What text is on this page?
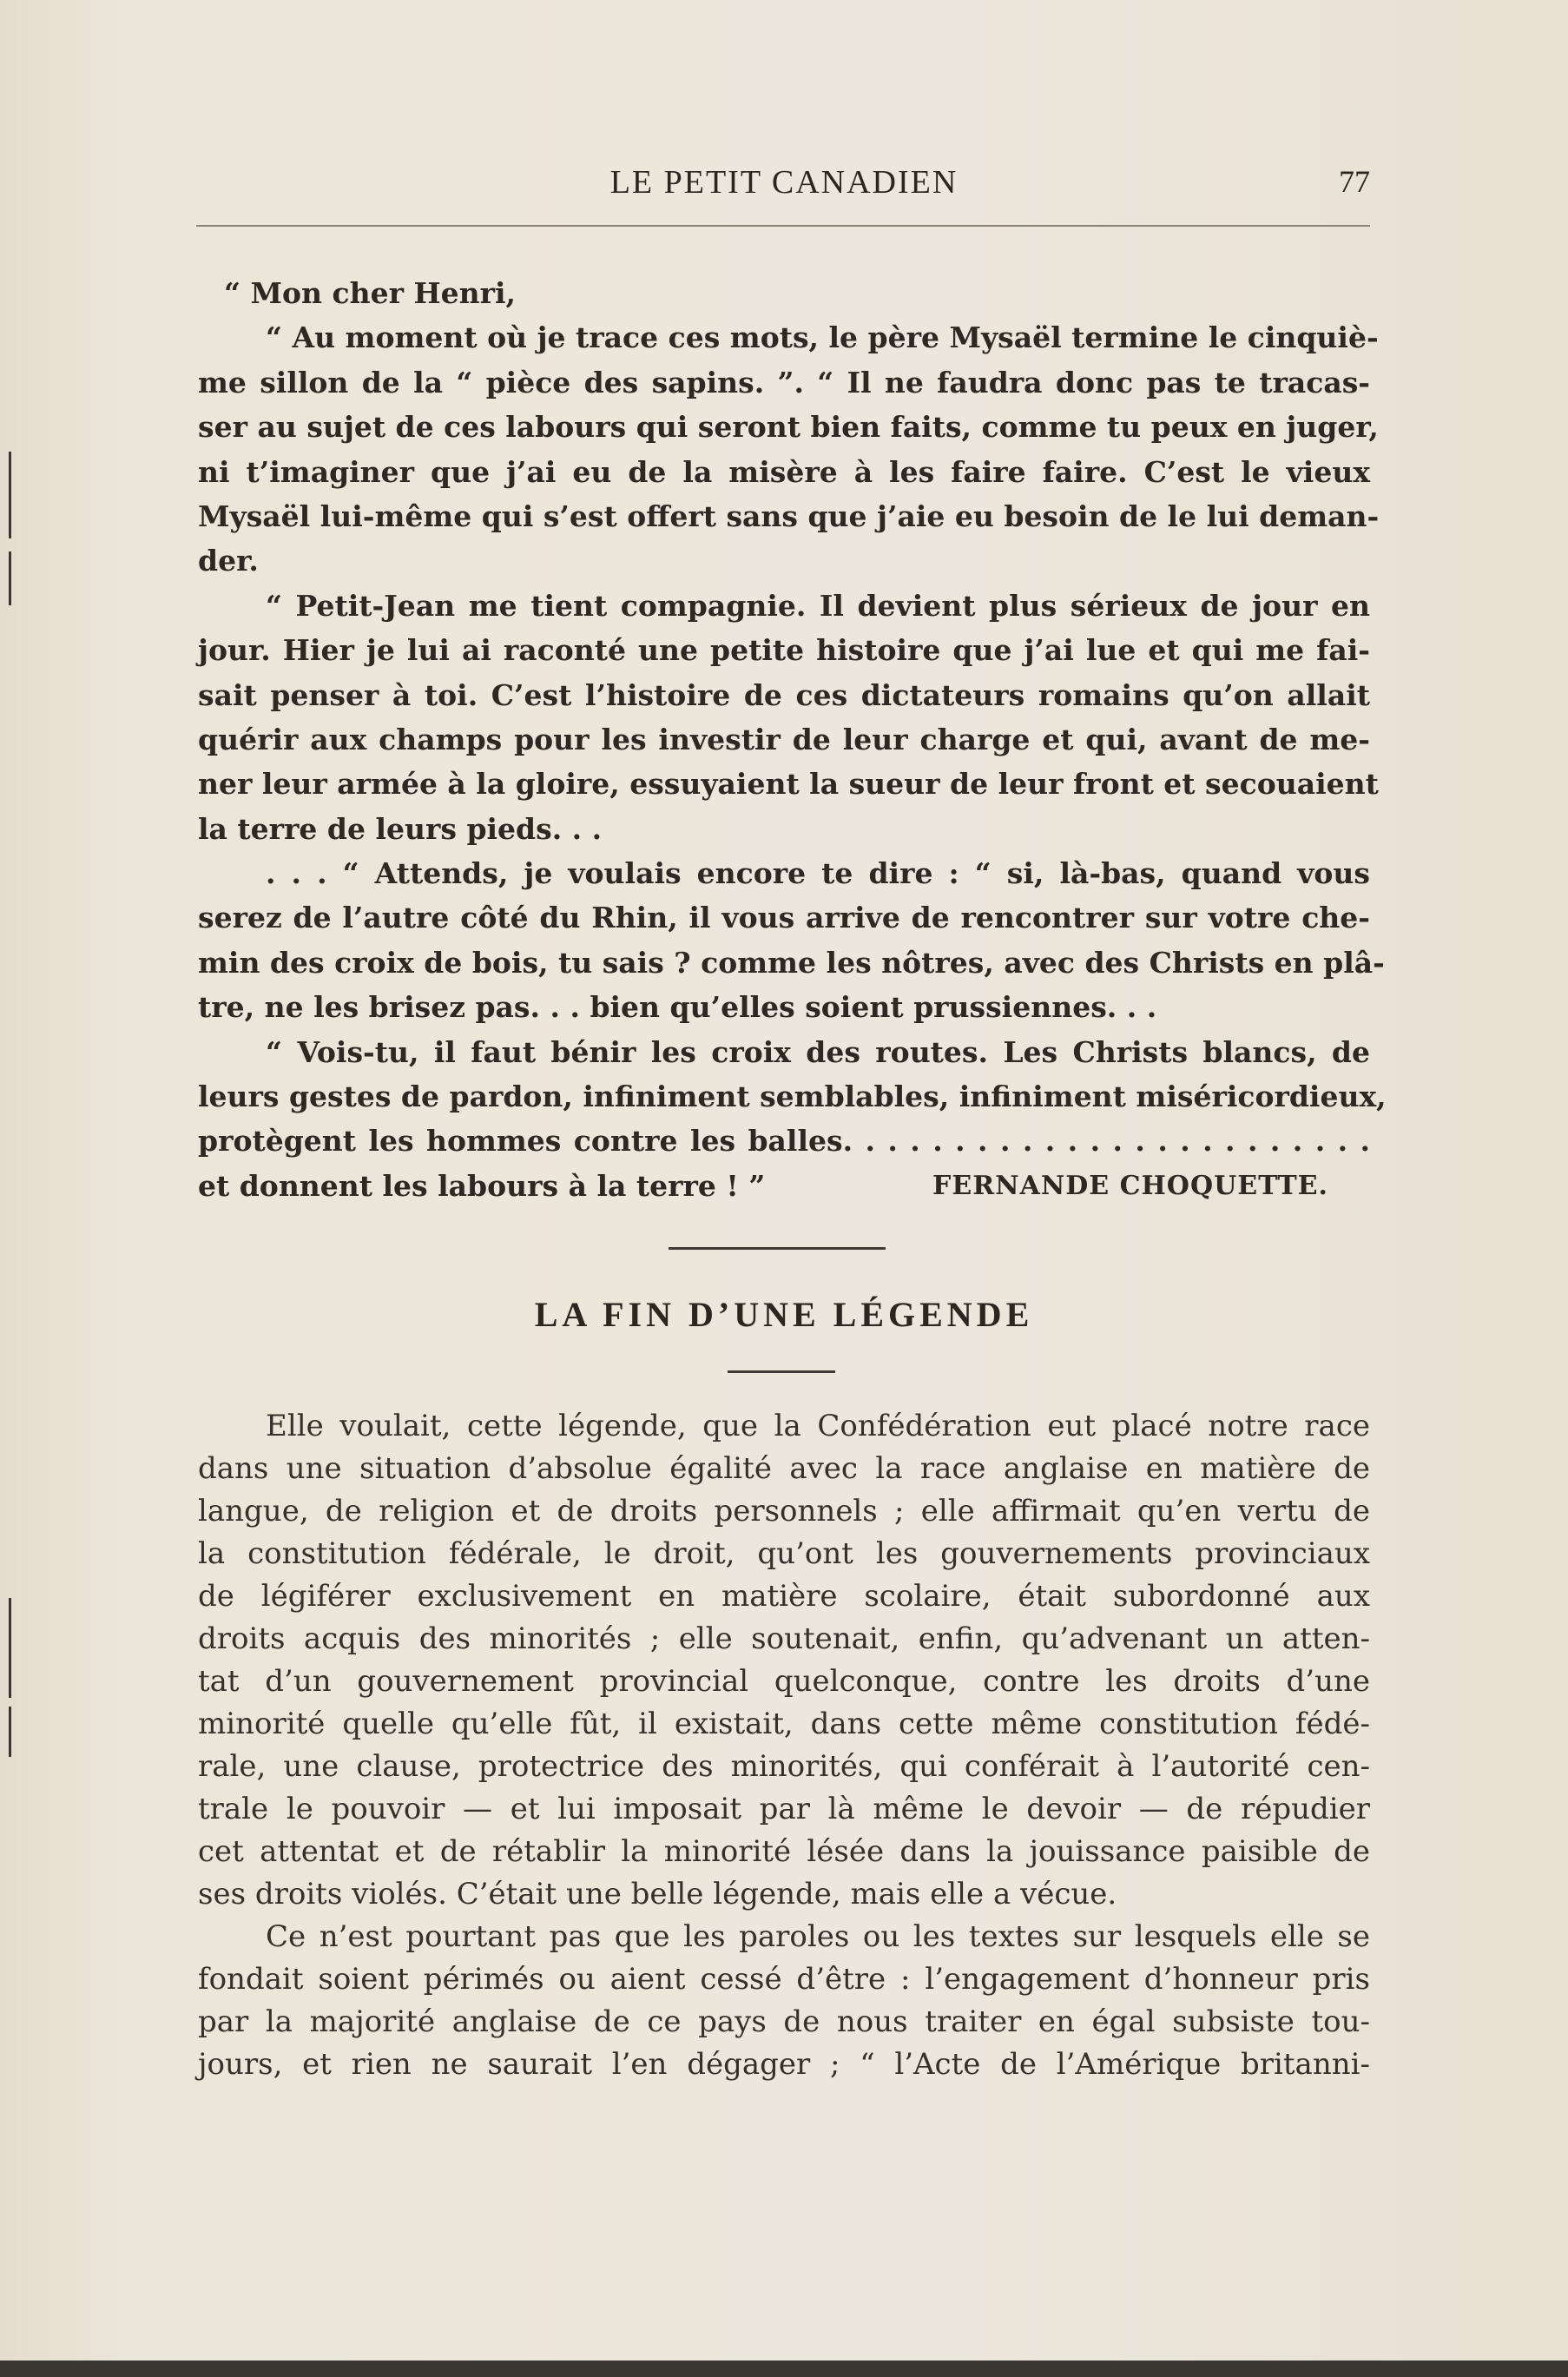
LE PETIT CANADIEN	77
“ Mon cher Henri,
“ Au moment où je trace ces mots, le père Mysaël termine le cinquiè-
me sillon de la “ pièce des sapins. ”. “ Il ne faudra donc pas te tracas-
ser au sujet de ces labours qui seront bien faits, comme tu peux en juger,
ni t’imaginer que j’ai eu de la misère à les faire faire. C’est le vieux
Mysaël lui-même qui s’est offert sans que j’aie eu besoin de le lui deman-
der.
“ Petit-Jean me tient compagnie. Il devient plus sérieux de jour en
jour. Hier je lui ai raconté une petite histoire que j’ai lue et qui me fai-
sait penser à toi. C’est l’histoire de ces dictateurs romains qu’on allait
quérir aux champs pour les investir de leur charge et qui, avant de me-
ner leur armée à la gloire, essuyaient la sueur de leur front et secouaient
la terre de leurs pieds. . .
. . . “ Attends, je voulais encore te dire : “ si, là-bas, quand vous
serez de l’autre côté du Rhin, il vous arrive de rencontrer sur votre che-
min des croix de bois, tu sais ? comme les nôtres, avec des Christs en plâ-
tre, ne les brisez pas. . . bien qu’elles soient prussiennes. . .
“ Vois-tu, il faut bénir les croix des routes. Les Christs blancs, de
leurs gestes de pardon, infiniment semblables, infiniment miséricordieux,
protègent les hommes contre les balles. . . . . . . . . . . . . . . . . . . . . . . .
et donnent les labours à la terre ! ”	FERNANDE CHOQUETTE.
LA FIN D’UNE LÉGENDE
Elle voulait, cette légende, que la Confédération eut placé notre race
dans une situation d’absolue égalité avec la race anglaise en matière de
langue, de religion et de droits personnels ; elle affirmait qu’en vertu de
la constitution fédérale, le droit, qu’ont les gouvernements provinciaux
de légiférer exclusivement en matière scolaire, était subordonné aux
droits acquis des minorités ; elle soutenait, enfin, qu’advenant un atten-
tat d’un gouvernement provincial quelconque, contre les droits d’une
minorité quelle qu’elle fût, il existait, dans cette même constitution fédé-
rale, une clause, protectrice des minorités, qui conférait à l’autorité cen-
trale le pouvoir — et lui imposait par là même le devoir — de répudier
cet attentat et de rétablir la minorité lésée dans la jouissance paisible de
ses droits violés. C’était une belle légende, mais elle a vécue.
Ce n’est pourtant pas que les paroles ou les textes sur lesquels elle se
fondait soient périmés ou aient cessé d’être : l’engagement d’honneur pris
par la majorité anglaise de ce pays de nous traiter en égal subsiste tou-
jours, et rien ne saurait l’en dégager ; “ l’Acte de l’Amérique britanni-
